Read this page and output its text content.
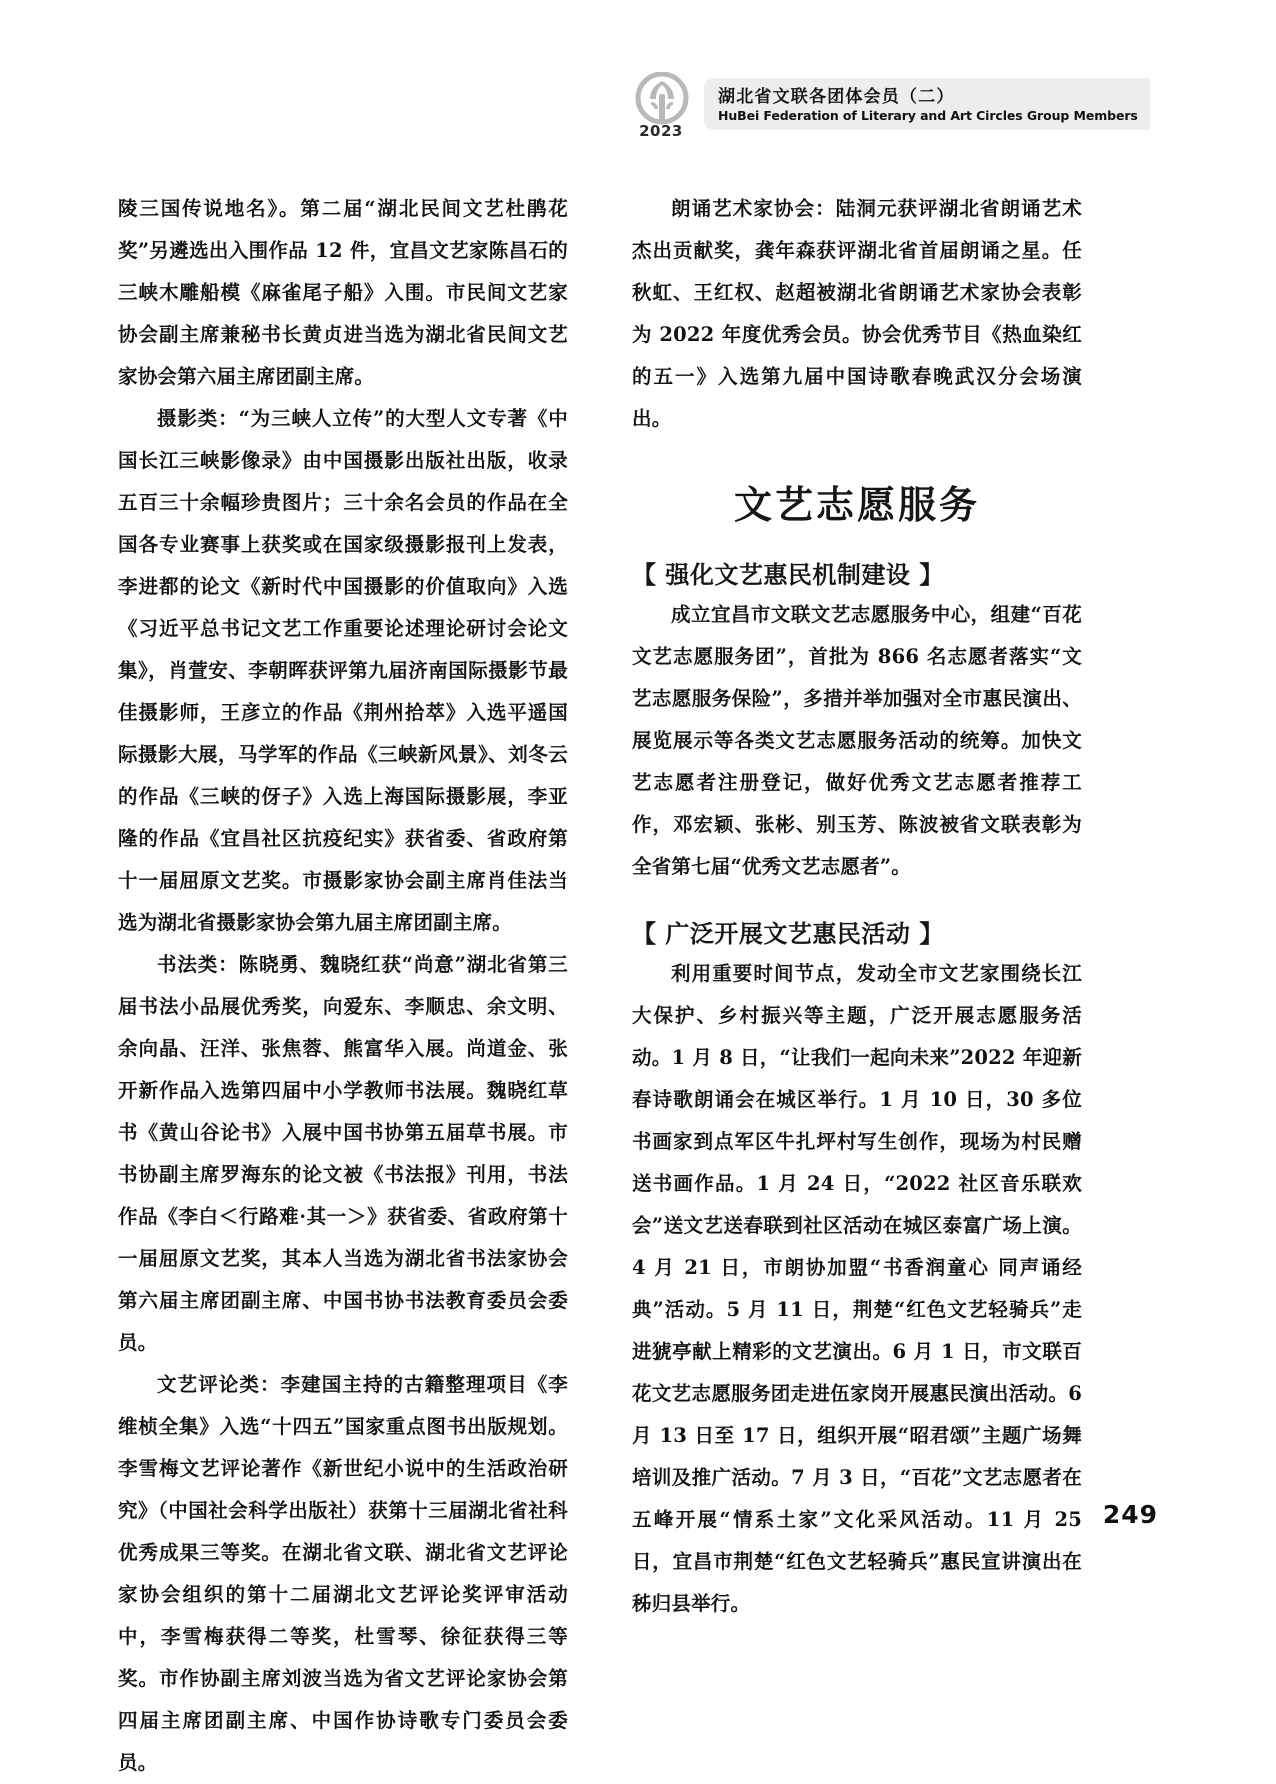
2023
湖北省文联各团体会员（二）
HuBei Federation of Literary and Art Circles Group Members

陵三国传说地名》。第二届“湖北民间文艺杜鹃花奖”另遴选出入围作品 12 件，宜昌文艺家陈昌石的三峡木雕船模《麻雀尾子船》入围。市民间文艺家协会副主席兼秘书长黄贞进当选为湖北省民间文艺家协会第六届主席团副主席。

摄影类：“为三峡人立传”的大型人文专著《中国长江三峡影像录》由中国摄影出版社出版，收录五百三十余幅珍贵图片；三十余名会员的作品在全国各专业赛事上获奖或在国家级摄影报刊上发表，李进都的论文《新时代中国摄影的价值取向》入选《习近平总书记文艺工作重要论述理论研讨会论文集》，肖萱安、李朝晖获评第九届济南国际摄影节最佳摄影师，王彦立的作品《荆州拾萃》入选平遥国际摄影大展，马学军的作品《三峡新风景》、刘冬云的作品《三峡的伢子》入选上海国际摄影展，李亚隆的作品《宜昌社区抗疫纪实》获省委、省政府第十一届屈原文艺奖。市摄影家协会副主席肖佳法当选为湖北省摄影家协会第九届主席团副主席。

书法类：陈晓勇、魏晓红获“尚意”湖北省第三届书法小品展优秀奖，向爱东、李顺忠、余文明、余向晶、汪洋、张焦蓉、熊富华入展。尚道金、张开新作品入选第四届中小学教师书法展。魏晓红草书《黄山谷论书》入展中国书协第五届草书展。市书协副主席罗海东的论文被《书法报》刊用，书法作品《李白＜行路难·其一＞》获省委、省政府第十一届屈原文艺奖，其本人当选为湖北省书法家协会第六届主席团副主席、中国书协书法教育委员会委员。

文艺评论类：李建国主持的古籍整理项目《李维桢全集》入选“十四五”国家重点图书出版规划。李雪梅文艺评论著作《新世纪小说中的生活政治研究》（中国社会科学出版社）获第十三届湖北省社科优秀成果三等奖。在湖北省文联、湖北省文艺评论家协会组织的第十二届湖北文艺评论奖评审活动中，李雪梅获得二等奖，杜雪琴、徐征获得三等奖。市作协副主席刘波当选为省文艺评论家协会第四届主席团副主席、中国作协诗歌专门委员会委员。

朗诵艺术家协会：陆洞元获评湖北省朗诵艺术杰出贡献奖，龚年森获评湖北省首届朗诵之星。任秋虹、王红权、赵超被湖北省朗诵艺术家协会表彰为 2022 年度优秀会员。协会优秀节目《热血染红的五一》入选第九届中国诗歌春晚武汉分会场演出。

文艺志愿服务
【 强化文艺惠民机制建设 】

成立宜昌市文联文艺志愿服务中心，组建“百花文艺志愿服务团”，首批为 866 名志愿者落实“文艺志愿服务保险”，多措并举加强对全市惠民演出、展览展示等各类文艺志愿服务活动的统筹。加快文艺志愿者注册登记，做好优秀文艺志愿者推荐工作，邓宏颖、张彬、别玉芳、陈波被省文联表彰为全省第七届“优秀文艺志愿者”。

【 广泛开展文艺惠民活动 】

利用重要时间节点，发动全市文艺家围绕长江大保护、乡村振兴等主题，广泛开展志愿服务活动。1 月 8 日，“让我们一起向未来”2022 年迎新春诗歌朗诵会在城区举行。1 月 10 日，30 多位书画家到点军区牛扎坪村写生创作，现场为村民赠送书画作品。1 月 24 日，“2022 社区音乐联欢会”送文艺送春联到社区活动在城区泰富广场上演。4 月 21 日，市朗协加盟“书香润童心 同声诵经典”活动。5 月 11 日，荆楚“红色文艺轻骑兵”走进猇亭献上精彩的文艺演出。6 月 1 日，市文联百花文艺志愿服务团走进伍家岗开展惠民演出活动。6 月 13 日至 17 日，组织开展“昭君颂”主题广场舞培训及推广活动。7 月 3 日，“百花”文艺志愿者在五峰开展“情系土家”文化采风活动。11 月 25 日，宜昌市荆楚“红色文艺轻骑兵”惠民宣讲演出在秭归县举行。

249
